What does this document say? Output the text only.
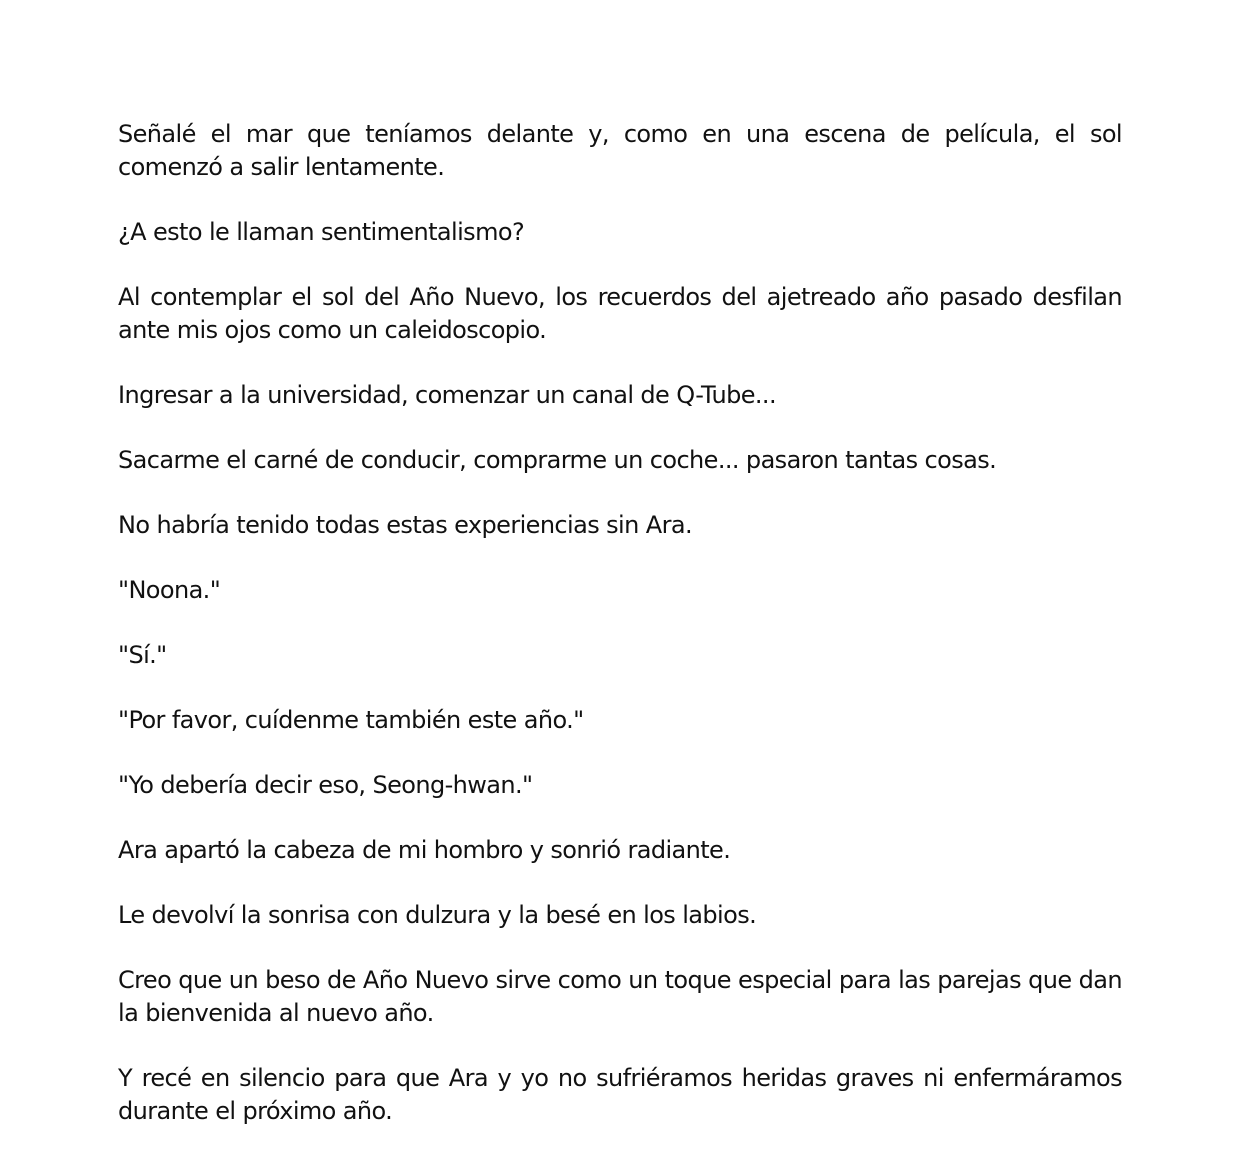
Señalé el mar que teníamos delante y, como en una escena de película, el sol comenzó a salir lentamente.

¿A esto le llaman sentimentalismo?

Al contemplar el sol del Año Nuevo, los recuerdos del ajetreado año pasado desfilan ante mis ojos como un caleidoscopio.

Ingresar a la universidad, comenzar un canal de Q-Tube...

Sacarme el carné de conducir, comprarme un coche... pasaron tantas cosas.

No habría tenido todas estas experiencias sin Ara.

"Noona."

"Sí."

"Por favor, cuídenme también este año."

"Yo debería decir eso, Seong-hwan."

Ara apartó la cabeza de mi hombro y sonrió radiante.

Le devolví la sonrisa con dulzura y la besé en los labios.

Creo que un beso de Año Nuevo sirve como un toque especial para las parejas que dan la bienvenida al nuevo año.

Y recé en silencio para que Ara y yo no sufriéramos heridas graves ni enfermáramos durante el próximo año.
